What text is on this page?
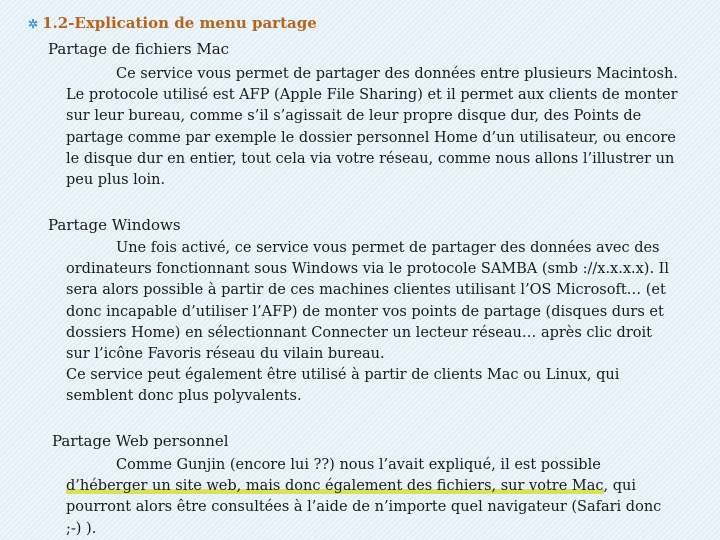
✲ 1.2-Explication de menu partage
Partage de fichiers Mac

Ce service vous permet de partager des données entre plusieurs Macintosh. Le protocole utilisé est AFP (Apple File Sharing) et il permet aux clients de monter sur leur bureau, comme s’il s’agissait de leur propre disque dur, des Points de partage comme par exemple le dossier personnel Home d’un utilisateur, ou encore le disque dur en entier, tout cela via votre réseau, comme nous allons l’illustrer un peu plus loin.

Partage Windows

Une fois activé, ce service vous permet de partager des données avec des ordinateurs fonctionnant sous Windows via le protocole SAMBA (smb ://x.x.x.x). Il sera alors possible à partir de ces machines clientes utilisant l’OS Microsoft… (et donc incapable d’utiliser l’AFP) de monter vos points de partage (disques durs et dossiers Home) en sélectionnant Connecter un lecteur réseau… après clic droit sur l’icône Favoris réseau du vilain bureau.
Ce service peut également être utilisé à partir de clients Mac ou Linux, qui semblent donc plus polyvalents.

Partage Web personnel

Comme Gunjin (encore lui ??) nous l’avait expliqué, il est possible d’héberger un site web, mais donc également des fichiers, sur votre Mac, qui pourront alors être consultées à l’aide de n’importe quel navigateur (Safari donc ;-) ).
